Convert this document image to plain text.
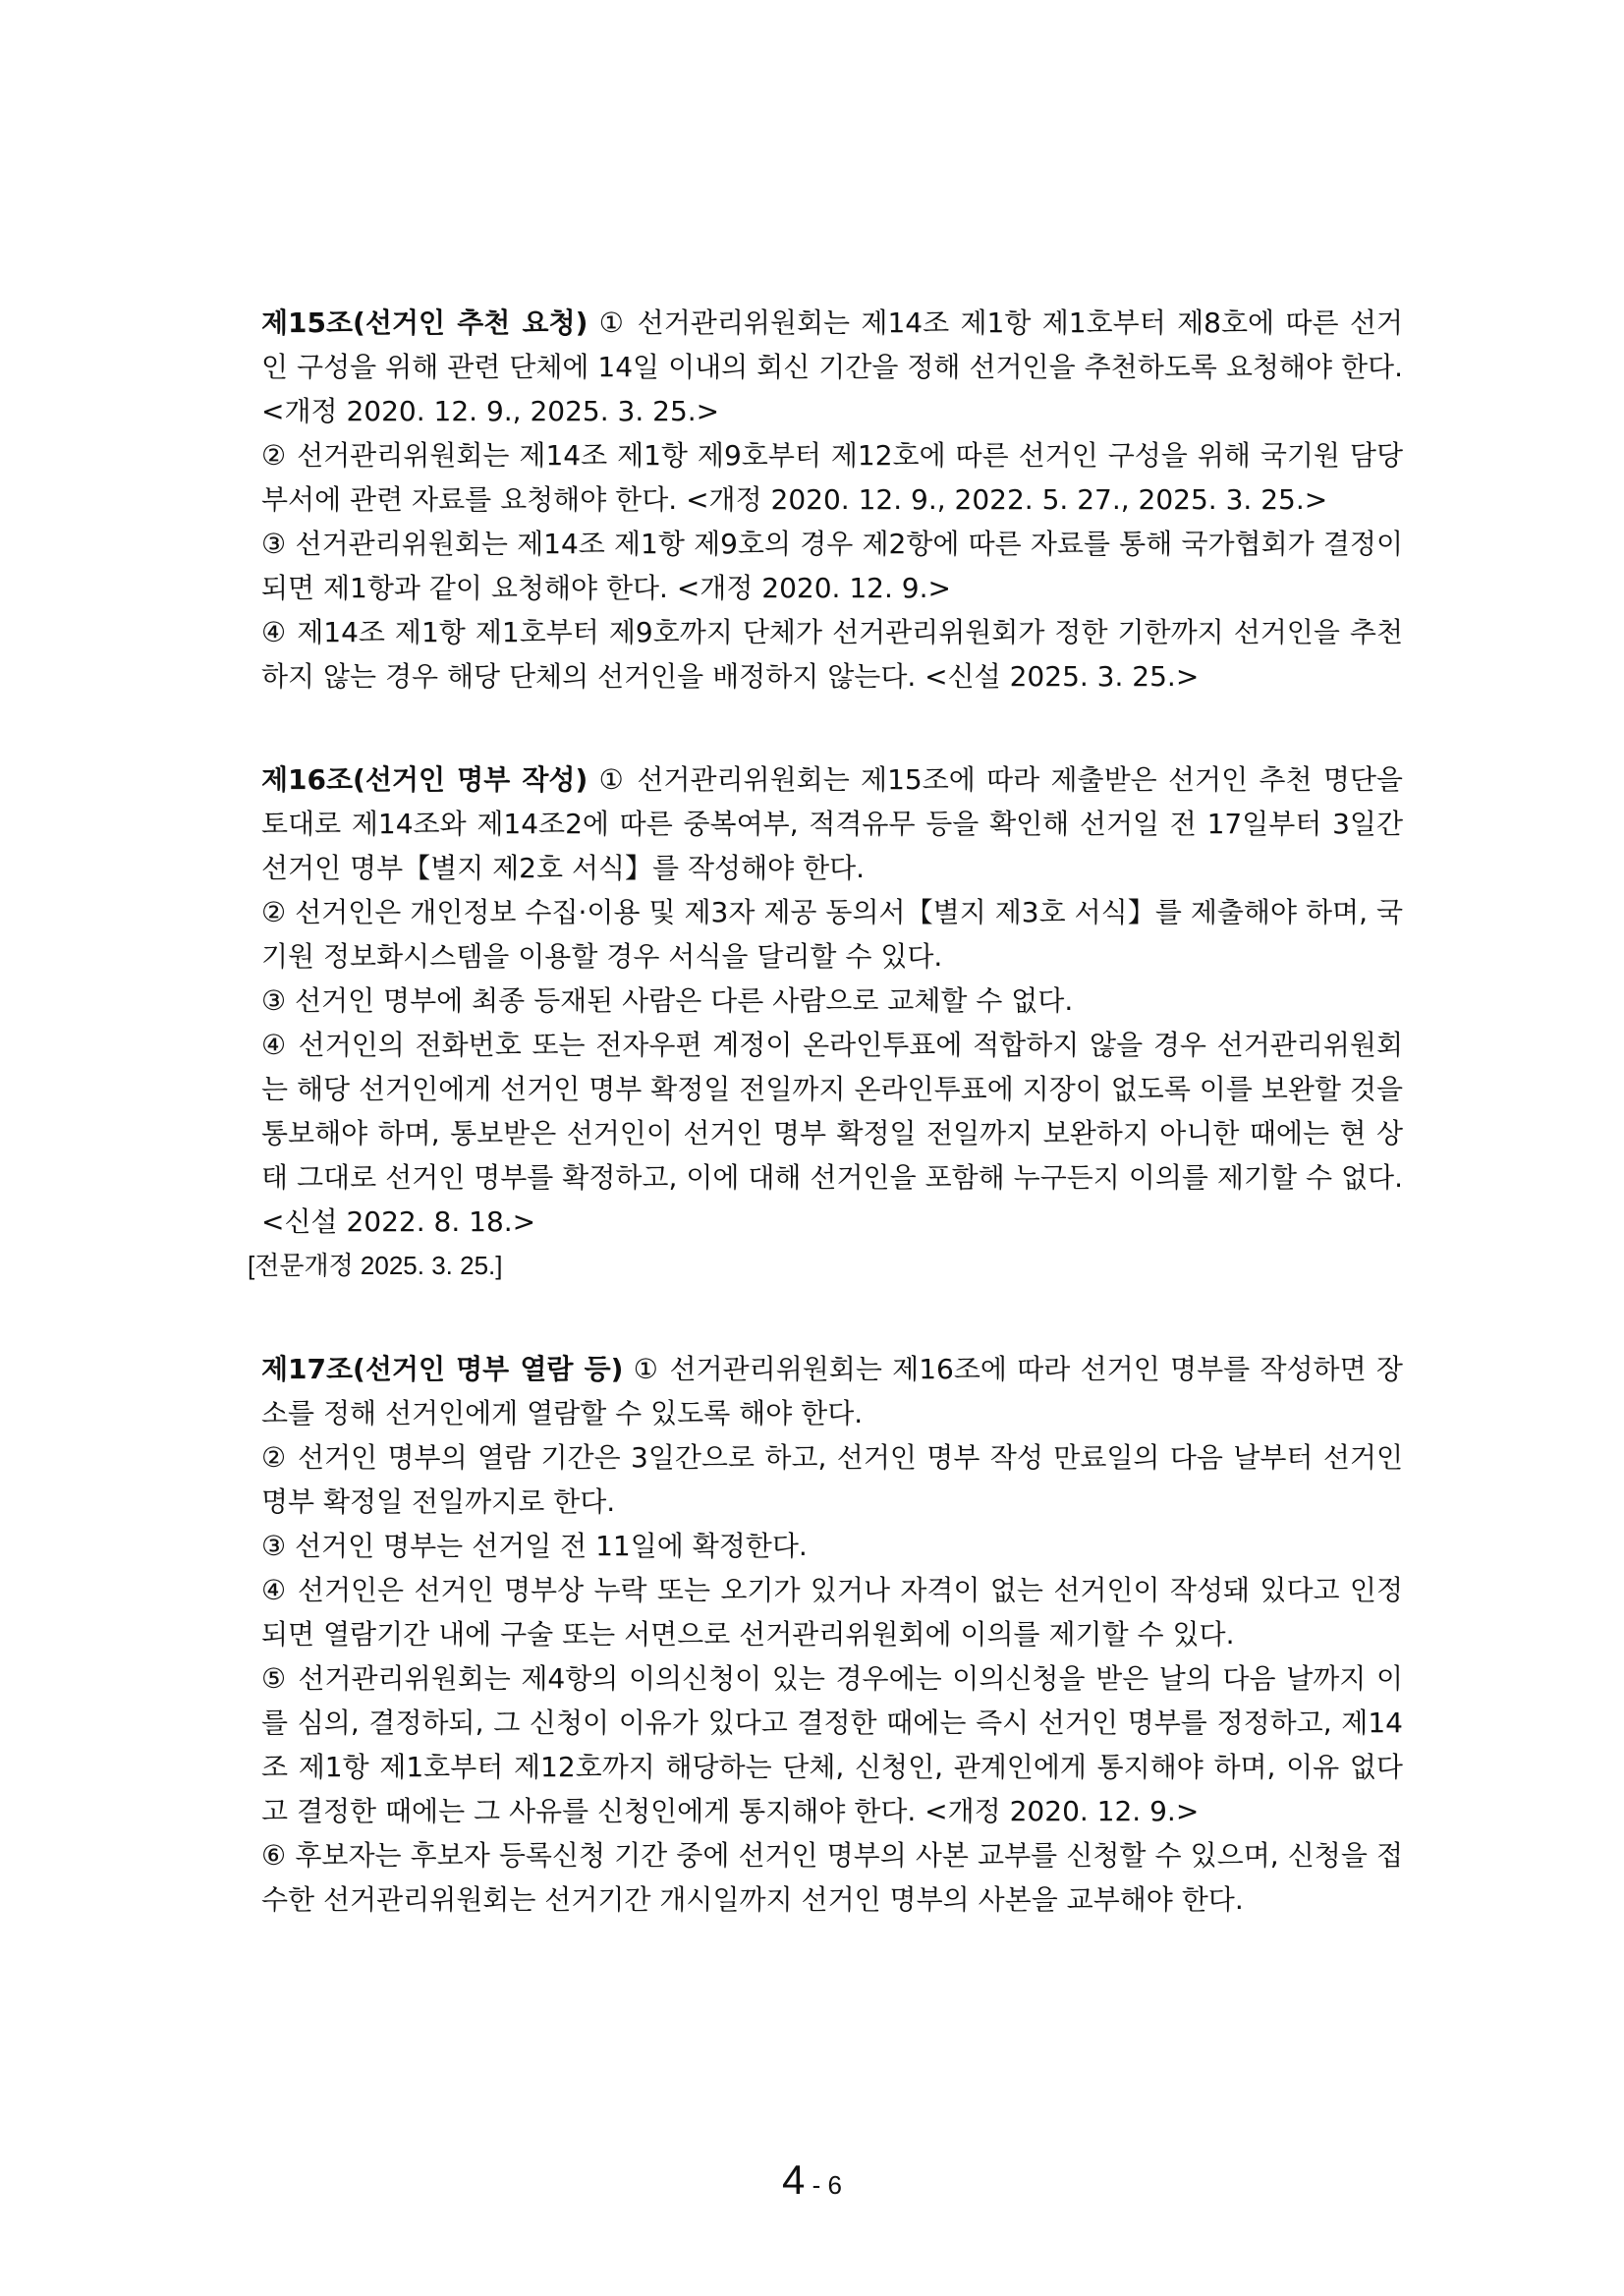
제15조(선거인 추천 요청) ① 선거관리위원회는 제14조 제1항 제1호부터 제8호에 따른 선거인 구성을 위해 관련 단체에 14일 이내의 회신 기간을 정해 선거인을 추천하도록 요청해야 한다. <개정 2020. 12. 9., 2025. 3. 25.>

② 선거관리위원회는 제14조 제1항 제9호부터 제12호에 따른 선거인 구성을 위해 국기원 담당부서에 관련 자료를 요청해야 한다. <개정 2020. 12. 9., 2022. 5. 27., 2025. 3. 25.>

③ 선거관리위원회는 제14조 제1항 제9호의 경우 제2항에 따른 자료를 통해 국가협회가 결정이 되면 제1항과 같이 요청해야 한다. <개정 2020. 12. 9.>

④ 제14조 제1항 제1호부터 제9호까지 단체가 선거관리위원회가 정한 기한까지 선거인을 추천하지 않는 경우 해당 단체의 선거인을 배정하지 않는다. <신설 2025. 3. 25.>

제16조(선거인 명부 작성) ① 선거관리위원회는 제15조에 따라 제출받은 선거인 추천 명단을 토대로 제14조와 제14조2에 따른 중복여부, 적격유무 등을 확인해 선거일 전 17일부터 3일간 선거인 명부【별지 제2호 서식】를 작성해야 한다.

② 선거인은 개인정보 수집·이용 및 제3자 제공 동의서【별지 제3호 서식】를 제출해야 하며, 국기원 정보화시스템을 이용할 경우 서식을 달리할 수 있다.

③ 선거인 명부에 최종 등재된 사람은 다른 사람으로 교체할 수 없다.

④ 선거인의 전화번호 또는 전자우편 계정이 온라인투표에 적합하지 않을 경우 선거관리위원회는 해당 선거인에게 선거인 명부 확정일 전일까지 온라인투표에 지장이 없도록 이를 보완할 것을 통보해야 하며, 통보받은 선거인이 선거인 명부 확정일 전일까지 보완하지 아니한 때에는 현 상태 그대로 선거인 명부를 확정하고, 이에 대해 선거인을 포함해 누구든지 이의를 제기할 수 없다. <신설 2022. 8. 18.>

[전문개정 2025. 3. 25.]

제17조(선거인 명부 열람 등) ① 선거관리위원회는 제16조에 따라 선거인 명부를 작성하면 장소를 정해 선거인에게 열람할 수 있도록 해야 한다.

② 선거인 명부의 열람 기간은 3일간으로 하고, 선거인 명부 작성 만료일의 다음 날부터 선거인 명부 확정일 전일까지로 한다.

③ 선거인 명부는 선거일 전 11일에 확정한다.

④ 선거인은 선거인 명부상 누락 또는 오기가 있거나 자격이 없는 선거인이 작성돼 있다고 인정되면 열람기간 내에 구술 또는 서면으로 선거관리위원회에 이의를 제기할 수 있다.

⑤ 선거관리위원회는 제4항의 이의신청이 있는 경우에는 이의신청을 받은 날의 다음 날까지 이를 심의, 결정하되, 그 신청이 이유가 있다고 결정한 때에는 즉시 선거인 명부를 정정하고, 제14조 제1항 제1호부터 제12호까지 해당하는 단체, 신청인, 관계인에게 통지해야 하며, 이유 없다고 결정한 때에는 그 사유를 신청인에게 통지해야 한다. <개정 2020. 12. 9.>

⑥ 후보자는 후보자 등록신청 기간 중에 선거인 명부의 사본 교부를 신청할 수 있으며, 신청을 접수한 선거관리위원회는 선거기간 개시일까지 선거인 명부의 사본을 교부해야 한다.

4 - 6
